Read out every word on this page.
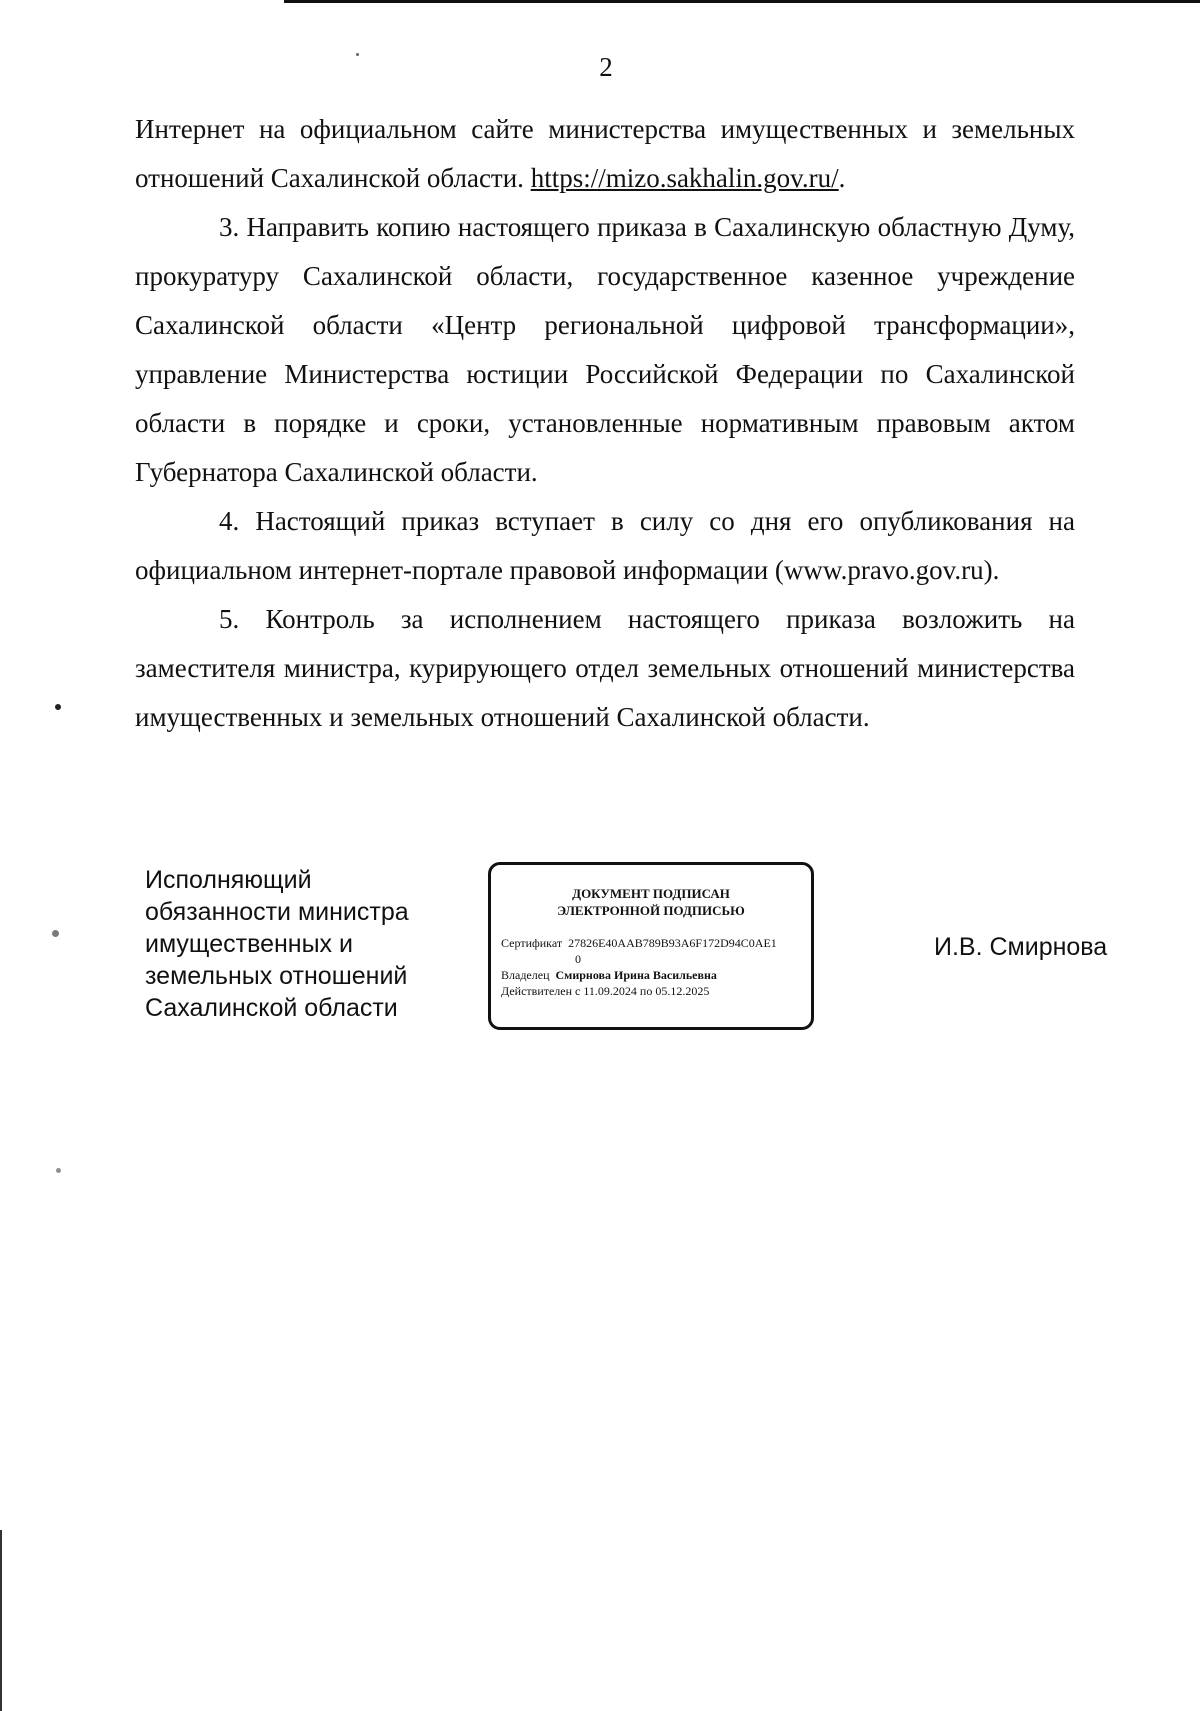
2

Интернет на официальном сайте министерства имущественных и земельных отношений Сахалинской области. https://mizo.sakhalin.gov.ru/.

3. Направить копию настоящего приказа в Сахалинскую областную Думу, прокуратуру Сахалинской области, государственное казенное учреждение Сахалинской области «Центр региональной цифровой трансформации», управление Министерства юстиции Российской Федерации по Сахалинской области в порядке и сроки, установленные нормативным правовым актом Губернатора Сахалинской области.

4. Настоящий приказ вступает в силу со дня его опубликования на официальном интернет-портале правовой информации (www.pravo.gov.ru).

5. Контроль за исполнением настоящего приказа возложить на заместителя министра, курирующего отдел земельных отношений министерства имущественных и земельных отношений Сахалинской области.

Исполняющий
обязанности министра
имущественных и
земельных отношений
Сахалинской области
ДОКУМЕНТ ПОДПИСАН
ЭЛЕКТРОННОЙ ПОДПИСЬЮ
Сертификат 27826E40AAB789B93A6F172D94C0AE1
0
Владелец Смирнова Ирина Васильевна
Действителен с 11.09.2024 по 05.12.2025
И.В. Смирнова
